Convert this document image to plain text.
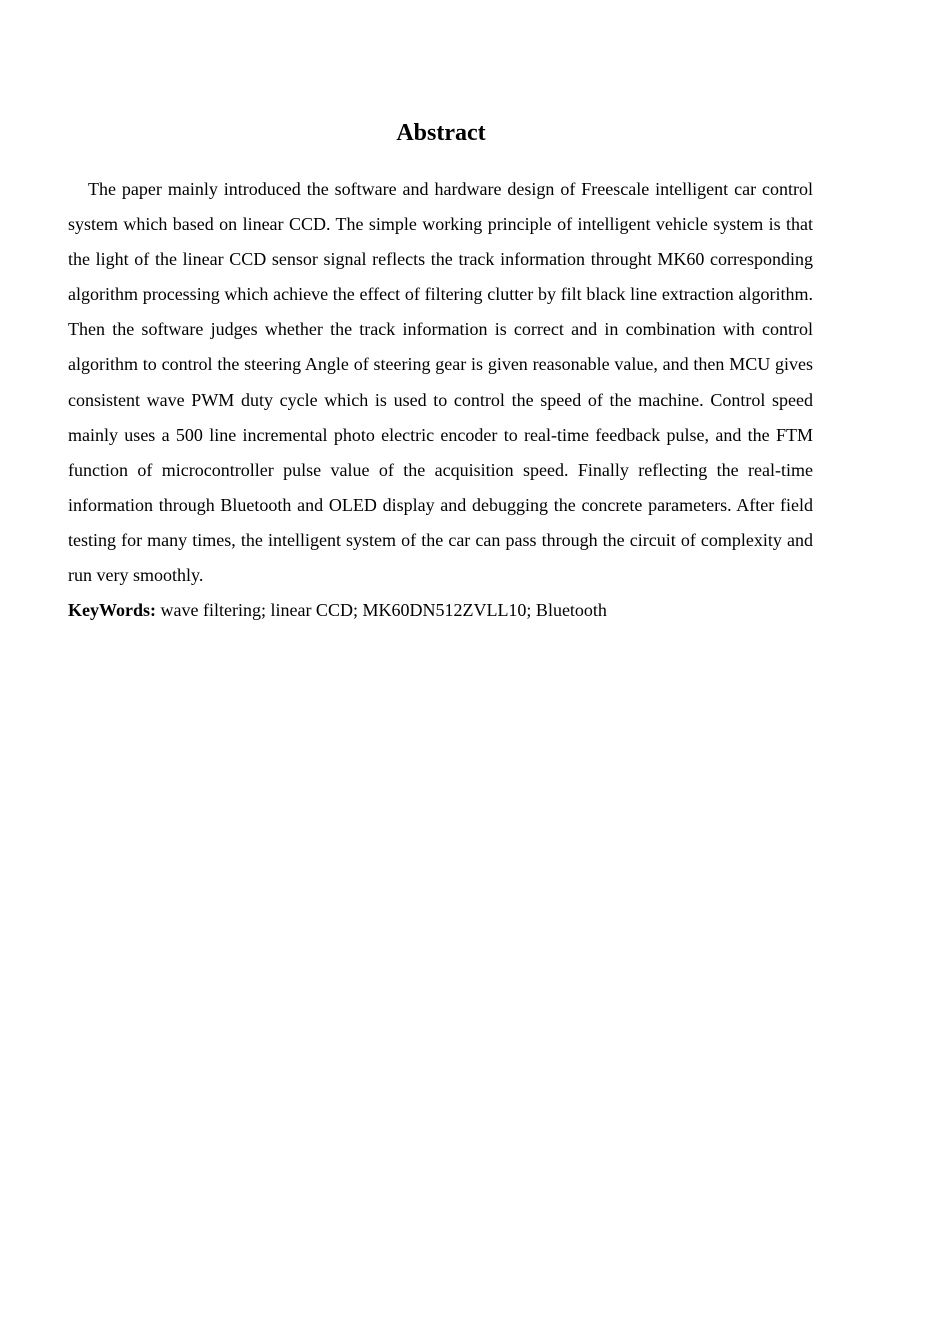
Abstract

The paper mainly introduced the software and hardware design of Freescale intelligent car control system which based on linear CCD. The simple working principle of intelligent vehicle system is that the light of the linear CCD sensor signal reflects the track information throught MK60 corresponding algorithm processing which achieve the effect of filtering clutter by filt black line extraction algorithm. Then the software judges whether the track information is correct and in combination with control algorithm to control the steering Angle of steering gear is given reasonable value, and then MCU gives consistent wave PWM duty cycle which is used to control the speed of the machine. Control speed mainly uses a 500 line incremental photo electric encoder to real-time feedback pulse, and the FTM function of microcontroller pulse value of the acquisition speed. Finally reflecting the real-time information through Bluetooth and OLED display and debugging the concrete parameters. After field testing for many times, the intelligent system of the car can pass through the circuit of complexity and run very smoothly.

KeyWords: wave filtering; linear CCD; MK60DN512ZVLL10; Bluetooth
